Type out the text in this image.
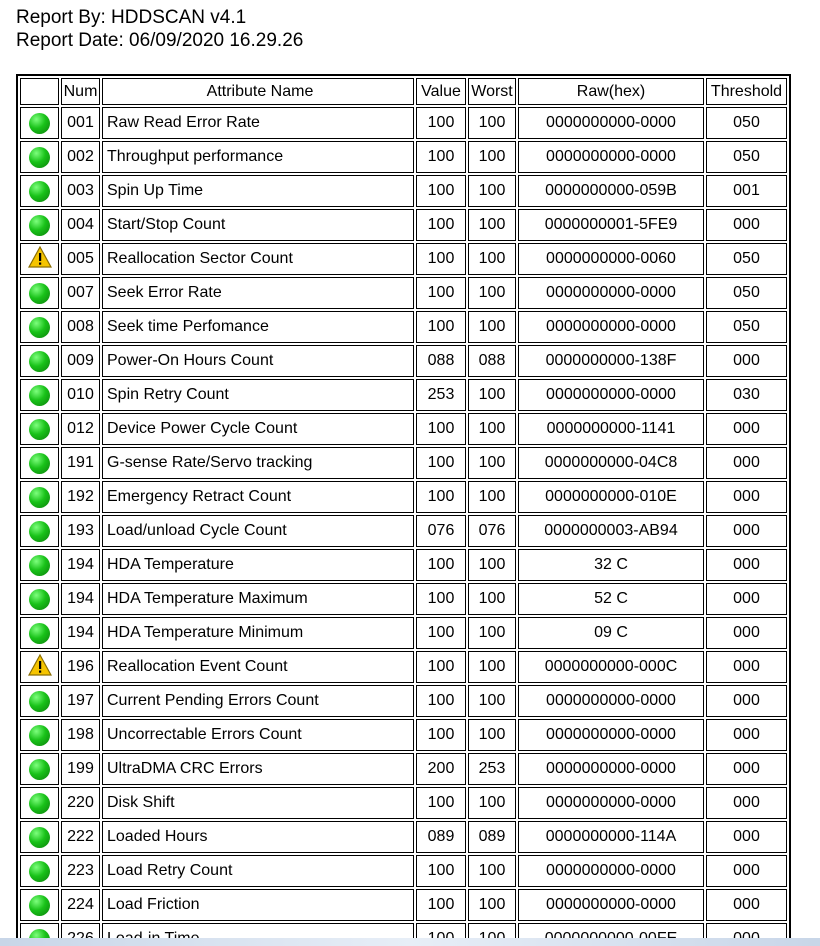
Report By: HDDSCAN v4.1
Report Date: 06/09/2020 16.29.26
	Num	Attribute Name	Value	Worst	Raw(hex)	Threshold
	001	Raw Read Error Rate	100	100	0000000000-0000	050
	002	Throughput performance	100	100	0000000000-0000	050
	003	Spin Up Time	100	100	0000000000-059B	001
	004	Start/Stop Count	100	100	0000000001-5FE9	000
	005	Reallocation Sector Count	100	100	0000000000-0060	050
	007	Seek Error Rate	100	100	0000000000-0000	050
	008	Seek time Perfomance	100	100	0000000000-0000	050
	009	Power-On Hours Count	088	088	0000000000-138F	000
	010	Spin Retry Count	253	100	0000000000-0000	030
	012	Device Power Cycle Count	100	100	0000000000-1141	000
	191	G-sense Rate/Servo tracking	100	100	0000000000-04C8	000
	192	Emergency Retract Count	100	100	0000000000-010E	000
	193	Load/unload Cycle Count	076	076	0000000003-AB94	000
	194	HDA Temperature	100	100	32 C	000
	194	HDA Temperature Maximum	100	100	52 C	000
	194	HDA Temperature Minimum	100	100	09 C	000
	196	Reallocation Event Count	100	100	0000000000-000C	000
	197	Current Pending Errors Count	100	100	0000000000-0000	000
	198	Uncorrectable Errors Count	100	100	0000000000-0000	000
	199	UltraDMA CRC Errors	200	253	0000000000-0000	000
	220	Disk Shift	100	100	0000000000-0000	000
	222	Loaded Hours	089	089	0000000000-114A	000
	223	Load Retry Count	100	100	0000000000-0000	000
	224	Load Friction	100	100	0000000000-0000	000
